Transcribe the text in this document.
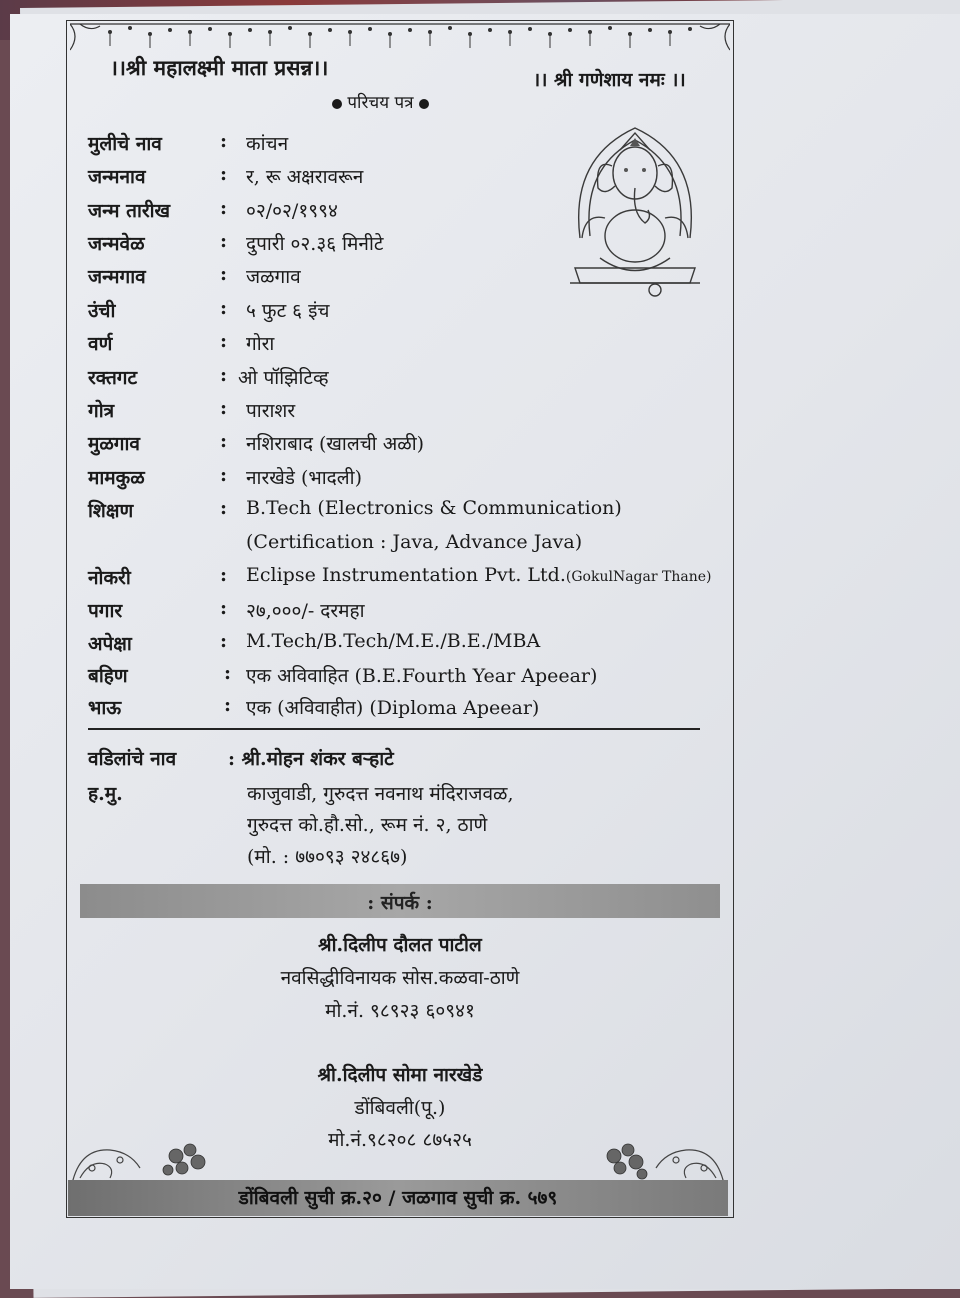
।।श्री महालक्ष्मी माता प्रसन्न।।	।। श्री गणेशाय नमः ।।
परिचय पत्र
मुलीचे नाव	: कांचन
जन्मनाव	: र, रू अक्षरावरून
जन्म तारीख	: ०२/०२/१९९४
जन्मवेळ	: दुपारी ०२.३६ मिनीटे
जन्मगाव	: जळगाव
उंची	: ५ फुट ६ इंच
वर्ण	: गोरा
रक्तगट	: ओ पॉझिटिव्ह
गोत्र	: पाराशर
मुळगाव	: नशिराबाद (खालची अळी)
मामकुळ	: नारखेडे (भादली)
शिक्षण	: B.Tech (Electronics & Communication)
(Certification : Java, Advance Java)
नोकरी	: Eclipse Instrumentation Pvt. Ltd.(GokulNagar Thane)
पगार	: २७,०००/- दरमहा
अपेक्षा	: M.Tech/B.Tech/M.E./B.E./MBA
बहिण	: एक अविवाहित (B.E.Fourth Year Apeear)
भाऊ	: एक (अविवाहीत) (Diploma Apeear)
वडिलांचे नाव	: श्री.मोहन शंकर बऱ्हाटे
ह.मु.	काजुवाडी, गुरुदत्त नवनाथ मंदिराजवळ,
गुरुदत्त को.हौ.सो., रूम नं. २, ठाणे
(मो. : ७७०९३ २४८६७)
: संपर्क :
श्री.दिलीप दौलत पाटील
नवसिद्धीविनायक सोस.कळवा-ठाणे
मो.नं. ९८९२३ ६०९४१
श्री.दिलीप सोमा नारखेडे
डोंबिवली(पू.)
मो.नं.९८२०८ ८७५२५
डोंबिवली सुची क्र.२० / जळगाव सुची क्र. ५७९
